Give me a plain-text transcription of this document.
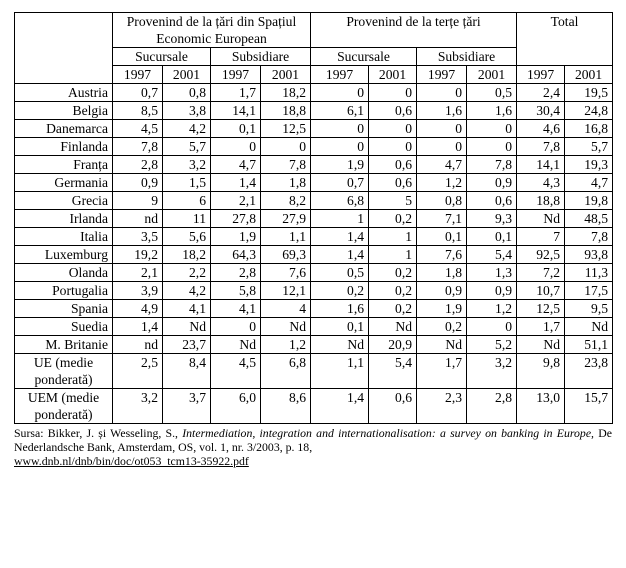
	Provenind de la țări din Spațiul Economic European				Provenind de la terțe țări				Total	
	Sucursale		Subsidiare		Sucursale		Subsidiare			
	1997	2001	1997	2001	1997	2001	1997	2001	1997	2001
Austria	0,7	0,8	1,7	18,2	0	0	0	0,5	2,4	19,5
Belgia	8,5	3,8	14,1	18,8	6,1	0,6	1,6	1,6	30,4	24,8
Danemarca	4,5	4,2	0,1	12,5	0	0	0	0	4,6	16,8
Finlanda	7,8	5,7	0	0	0	0	0	0	7,8	5,7
Franța	2,8	3,2	4,7	7,8	1,9	0,6	4,7	7,8	14,1	19,3
Germania	0,9	1,5	1,4	1,8	0,7	0,6	1,2	0,9	4,3	4,7
Grecia	9	6	2,1	8,2	6,8	5	0,8	0,6	18,8	19,8
Irlanda	nd	11	27,8	27,9	1	0,2	7,1	9,3	Nd	48,5
Italia	3,5	5,6	1,9	1,1	1,4	1	0,1	0,1	7	7,8
Luxemburg	19,2	18,2	64,3	69,3	1,4	1	7,6	5,4	92,5	93,8
Olanda	2,1	2,2	2,8	7,6	0,5	0,2	1,8	1,3	7,2	11,3
Portugalia	3,9	4,2	5,8	12,1	0,2	0,2	0,9	0,9	10,7	17,5
Spania	4,9	4,1	4,1	4	1,6	0,2	1,9	1,2	12,5	9,5
Suedia	1,4	Nd	0	Nd	0,1	Nd	0,2	0	1,7	Nd
M. Britanie	nd	23,7	Nd	1,2	Nd	20,9	Nd	5,2	Nd	51,1
UE (medie ponderată)	2,5	8,4	4,5	6,8	1,1	5,4	1,7	3,2	9,8	23,8
UEM (medie ponderată)	3,2	3,7	6,0	8,6	1,4	0,6	2,3	2,8	13,0	15,7
Sursa: Bikker, J. și Wesseling, S., Intermediation, integration and internationalisation: a survey on banking in Europe, De Nederlandsche Bank, Amsterdam, OS, vol. 1, nr. 3/2003, p. 18,
www.dnb.nl/dnb/bin/doc/ot053_tcm13-35922.pdf
